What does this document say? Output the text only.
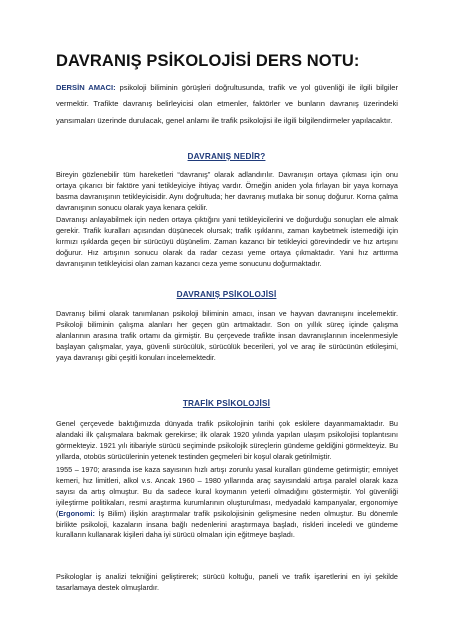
DAVRANIŞ PSİKOLOJİSİ DERS NOTU:

DERSİN AMACI: psikoloji biliminin görüşleri doğrultusunda, trafik ve yol güvenliği ile ilgili bilgiler vermektir. Trafikte davranış belirleyicisi olan etmenler, faktörler ve bunların davranış üzerindeki yansımaları üzerinde durulacak, genel anlamı ile trafik psikolojisi ile ilgili bilgilendirmeler yapılacaktır.

DAVRANIŞ NEDİR?

Bireyin gözlenebilir tüm hareketleri “davranış” olarak adlandırılır. Davranışın ortaya çıkması için onu ortaya çıkarıcı bir faktöre yani tetikleyiciye ihtiyaç vardır. Örneğin aniden yola fırlayan bir yaya kornaya basma davranışının tetikleyicisidir. Aynı doğrultuda; her davranış mutlaka bir sonuç doğurur. Korna çalma davranışının sonucu olarak yaya kenara çekilir.

Davranışı anlayabilmek için neden ortaya çıktığını yani tetikleyicilerini ve doğurduğu sonuçları ele almak gerekir. Trafik kuralları açısından düşünecek olursak; trafik ışıklarını, zaman kaybetmek istemediği için kırmızı ışıklarda geçen bir sürücüyü düşünelim. Zaman kazancı bir tetikleyici görevindedir ve hız artışını doğurur. Hız artışının sonucu olarak da radar cezası yeme ortaya çıkmaktadır. Yani hız arttırma davranışının tetikleyicisi olan zaman kazancı ceza yeme sonucunu doğurmaktadır.

DAVRANIŞ PSİKOLOJİSİ

Davranış bilimi olarak tanımlanan psikoloji biliminin amacı, insan ve hayvan davranışını incelemektir. Psikoloji biliminin çalışma alanları her geçen gün artmaktadır. Son on yıllık süreç içinde çalışma alanlarının arasına trafik ortamı da girmiştir. Bu çerçevede trafikte insan davranışlarının incelenmesiyle başlayan çalışmalar, yaya, güvenli sürücülük, sürücülük becerileri, yol ve araç ile sürücünün etkileşimi, yaya davranışı gibi çeşitli konuları incelemektedir.

TRAFİK PSİKOLOJİSİ

Genel çerçevede baktığımızda dünyada trafik psikolojinin tarihi çok eskilere dayanmamaktadır. Bu alandaki ilk çalışmalara bakmak gerekirse; ilk olarak 1920 yılında yapılan ulaşım psikolojisi toplantısını görmekteyiz. 1921 yılı itibariyle sürücü seçiminde psikolojik süreçlerin gündeme geldiğini görmekteyiz. Bu yıllarda, otobüs sürücülerinin yetenek testinden geçmeleri bir koşul olarak getirilmiştir.

1955 – 1970; arasında ise kaza sayısının hızlı artışı zorunlu yasal kuralları gündeme getirmiştir; emniyet kemeri, hız limitleri, alkol v.s. Ancak 1960 – 1980 yıllarında araç sayısındaki artışa paralel olarak kaza sayısı da artış olmuştur. Bu da sadece kural koymanın yeterli olmadığını göstermiştir. Yol güvenliği iyileştirme politikaları, resmi araştırma kurumlarının oluşturulması, medyadaki kampanyalar, ergonomiye (Ergonomi: İş Bilim) ilişkin araştırmalar trafik psikolojisinin gelişmesine neden olmuştur. Bu dönemle birlikte psikoloji, kazaların insana bağlı nedenlerini araştırmaya başladı, riskleri inceledi ve gündeme kuralların kullanarak kişileri daha iyi sürücü olmaları için eğitmeye başladı.

Psikologlar iş analizi tekniğini geliştirerek; sürücü koltuğu, paneli ve trafik işaretlerini en iyi şekilde tasarlamaya destek olmuşlardır.
